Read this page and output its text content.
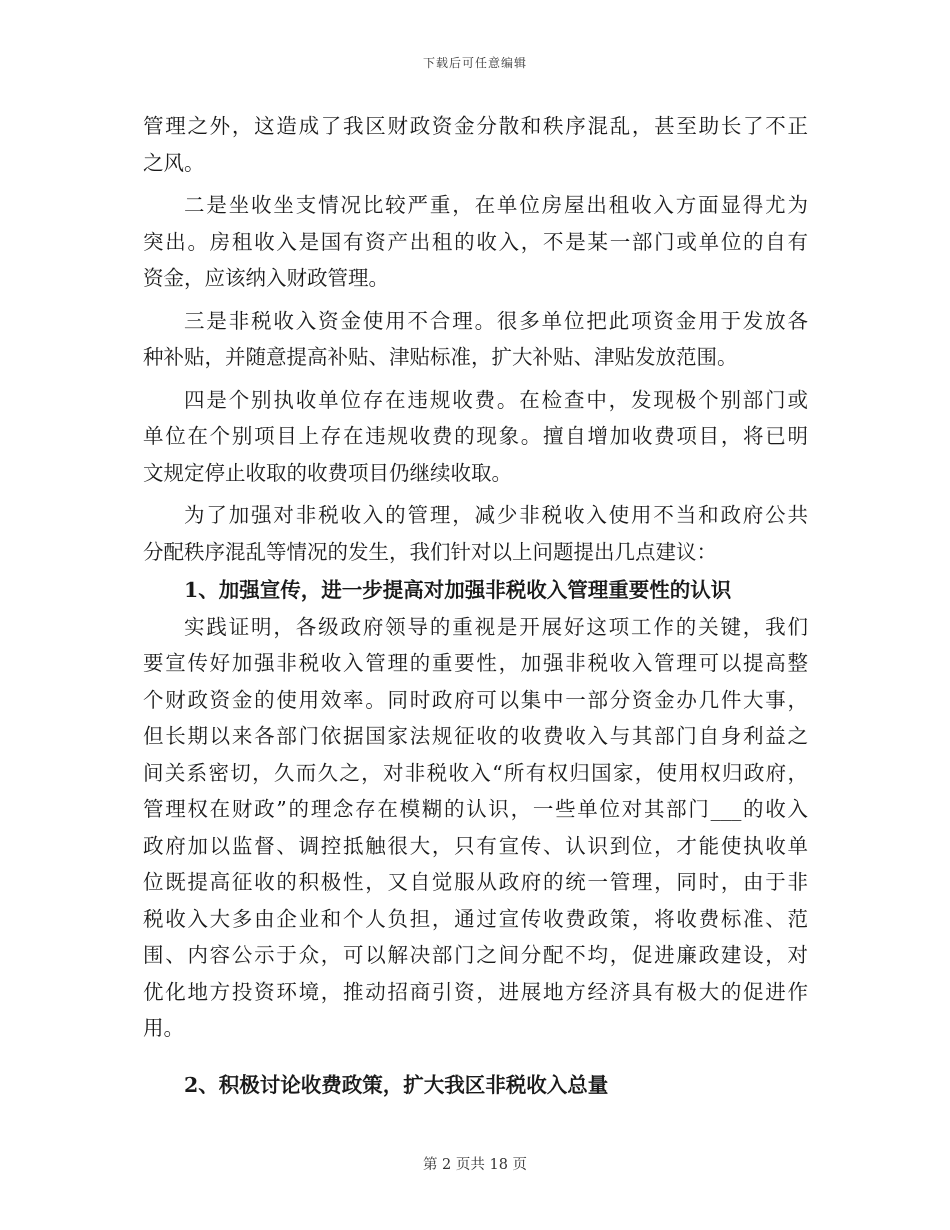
下载后可任意编辑
管理之外，这造成了我区财政资金分散和秩序混乱，甚至助长了不正
之风。
二是坐收坐支情况比较严重，在单位房屋出租收入方面显得尤为
突出。房租收入是国有资产出租的收入，不是某一部门或单位的自有
资金，应该纳入财政管理。
三是非税收入资金使用不合理。很多单位把此项资金用于发放各
种补贴，并随意提高补贴、津贴标准，扩大补贴、津贴发放范围。
四是个别执收单位存在违规收费。在检查中，发现极个别部门或
单位在个别项目上存在违规收费的现象。擅自增加收费项目，将已明
文规定停止收取的收费项目仍继续收取。
为了加强对非税收入的管理，减少非税收入使用不当和政府公共
分配秩序混乱等情况的发生，我们针对以上问题提出几点建议：
1、加强宣传，进一步提高对加强非税收入管理重要性的认识
实践证明，各级政府领导的重视是开展好这项工作的关键，我们
要宣传好加强非税收入管理的重要性，加强非税收入管理可以提高整
个财政资金的使用效率。同时政府可以集中一部分资金办几件大事，
但长期以来各部门依据国家法规征收的收费收入与其部门自身利益之
间关系密切，久而久之，对非税收入“所有权归国家，使用权归政府，
管理权在财政”的理念存在模糊的认识，一些单位对其部门___的收入
政府加以监督、调控抵触很大，只有宣传、认识到位，才能使执收单
位既提高征收的积极性，又自觉服从政府的统一管理，同时，由于非
税收入大多由企业和个人负担，通过宣传收费政策，将收费标准、范
围、内容公示于众，可以解决部门之间分配不均，促进廉政建设，对
优化地方投资环境，推动招商引资，进展地方经济具有极大的促进作
用。
2、积极讨论收费政策，扩大我区非税收入总量
第 2 页共 18 页
